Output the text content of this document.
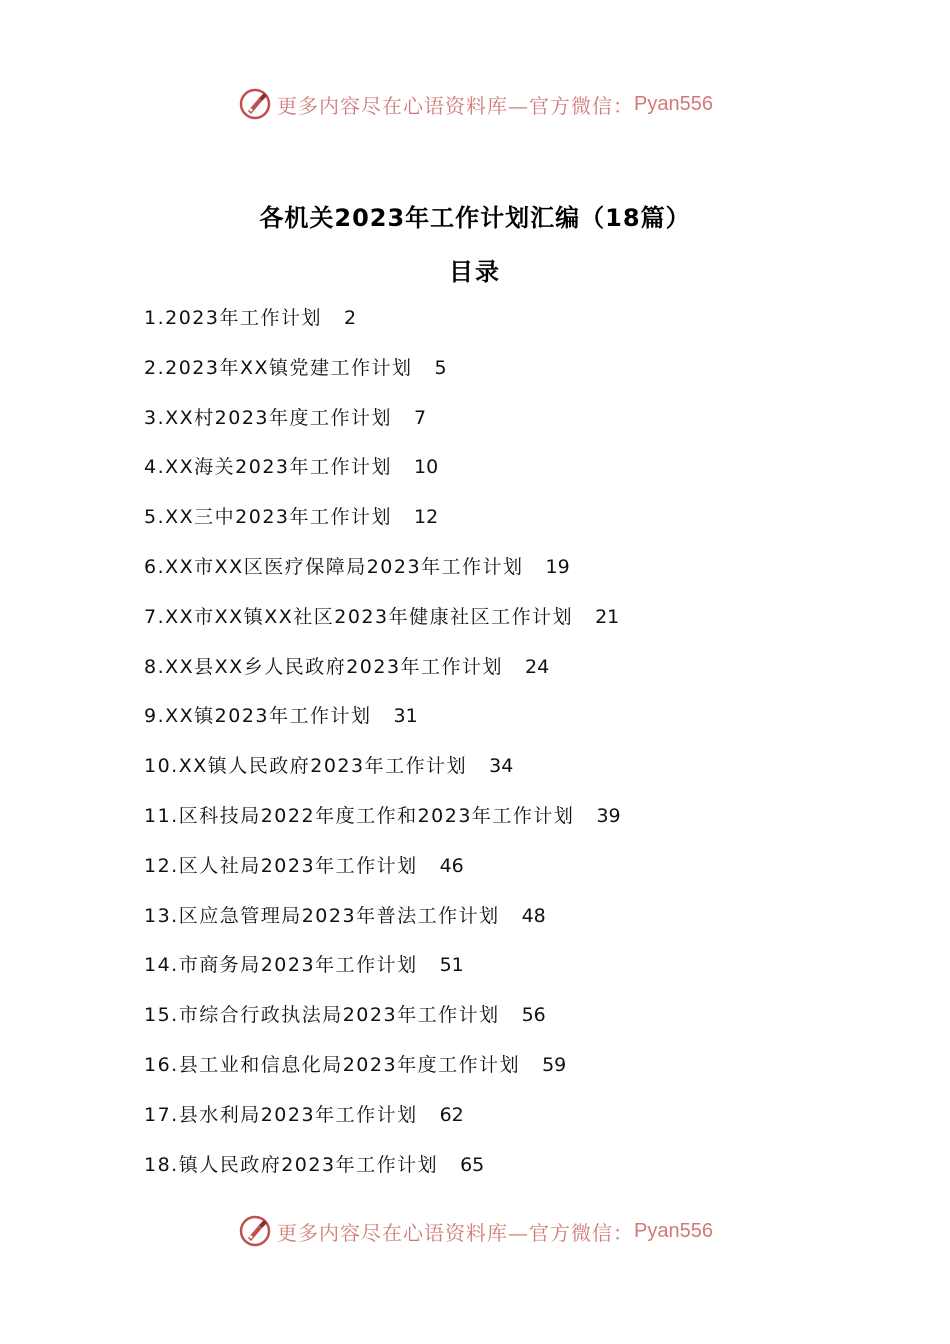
更多内容尽在心语资料库—官方微信： Pyan556
各机关2023年工作计划汇编（18篇）
目录
1.2023年工作计划 2
2.2023年XX镇党建工作计划 5
3.XX村2023年度工作计划 7
4.XX海关2023年工作计划 10
5.XX三中2023年工作计划 12
6.XX市XX区医疗保障局2023年工作计划 19
7.XX市XX镇XX社区2023年健康社区工作计划 21
8.XX县XX乡人民政府2023年工作计划 24
9.XX镇2023年工作计划 31
10.XX镇人民政府2023年工作计划 34
11.区科技局2022年度工作和2023年工作计划 39
12.区人社局2023年工作计划 46
13.区应急管理局2023年普法工作计划 48
14.市商务局2023年工作计划 51
15.市综合行政执法局2023年工作计划 56
16.县工业和信息化局2023年度工作计划 59
17.县水利局2023年工作计划 62
18.镇人民政府2023年工作计划 65
更多内容尽在心语资料库—官方微信： Pyan556
